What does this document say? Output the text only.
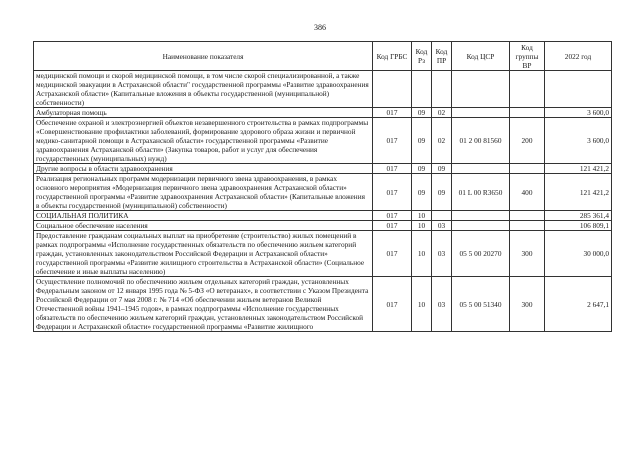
386
Наименование показателя	Код ГРБС	Код Рз	Код ПР	Код ЦСР	Код группы ВР	2022 год
медицинской помощи и скорой медицинской помощи, в том числе скорой специализированной, а также медицинской эвакуации в Астраханской области" государственной программы «Развитие здравоохранения Астраханской области» (Капитальные вложения в объекты государственной (муниципальной) собственности)						
Амбулаторная помощь	017	09	02			3 600,0
Обеспечение охраной и электроэнергией объектов незавершенного строительства в рамках подпрограммы «Совершенствование профилактики заболеваний, формирование здорового образа жизни и первичной медико-санитарной помощи в Астраханской области» государственной программы «Развитие здравоохранения Астраханской области» (Закупка товаров, работ и услуг для обеспечения государственных (муниципальных) нужд)	017	09	02	01 2 00 81560	200	3 600,0
Другие вопросы в области здравоохранения	017	09	09			121 421,2
Реализация региональных программ модернизации первичного звена здравоохранения, в рамках основного мероприятия «Модернизация первичного звена здравоохранения Астраханской области» государственной программы «Развитие здравоохранения Астраханской области» (Капитальные вложения в объекты государственной (муниципальной) собственности)	017	09	09	01 L 00 R3650	400	121 421,2
СОЦИАЛЬНАЯ ПОЛИТИКА	017	10				285 361,4
Социальное обеспечение населения	017	10	03			106 809,1
Предоставление гражданам социальных выплат на приобретение (строительство) жилых помещений в рамках подпрограммы «Исполнение государственных обязательств по обеспечению жильем категорий граждан, установленных законодательством Российской Федерации и Астраханской области» государственной программы «Развитие жилищного строительства в Астраханской области» (Социальное обеспечение и иные выплаты населению)	017	10	03	05 5 00 20270	300	30 000,0
Осуществление полномочий по обеспечению жильем отдельных категорий граждан, установленных Федеральным законом от 12 января 1995 года № 5-ФЗ «О ветеранах», в соответствии с Указом Президента Российской Федерации от 7 мая 2008 г. № 714 «Об обеспечении жильем ветеранов Великой Отечественной войны 1941–1945 годов», в рамках подпрограммы «Исполнение государственных обязательств по обеспечению жильем категорий граждан, установленных законодательством Российской Федерации и Астраханской области» государственной программы «Развитие жилищного	017	10	03	05 5 00 51340	300	2 647,1
